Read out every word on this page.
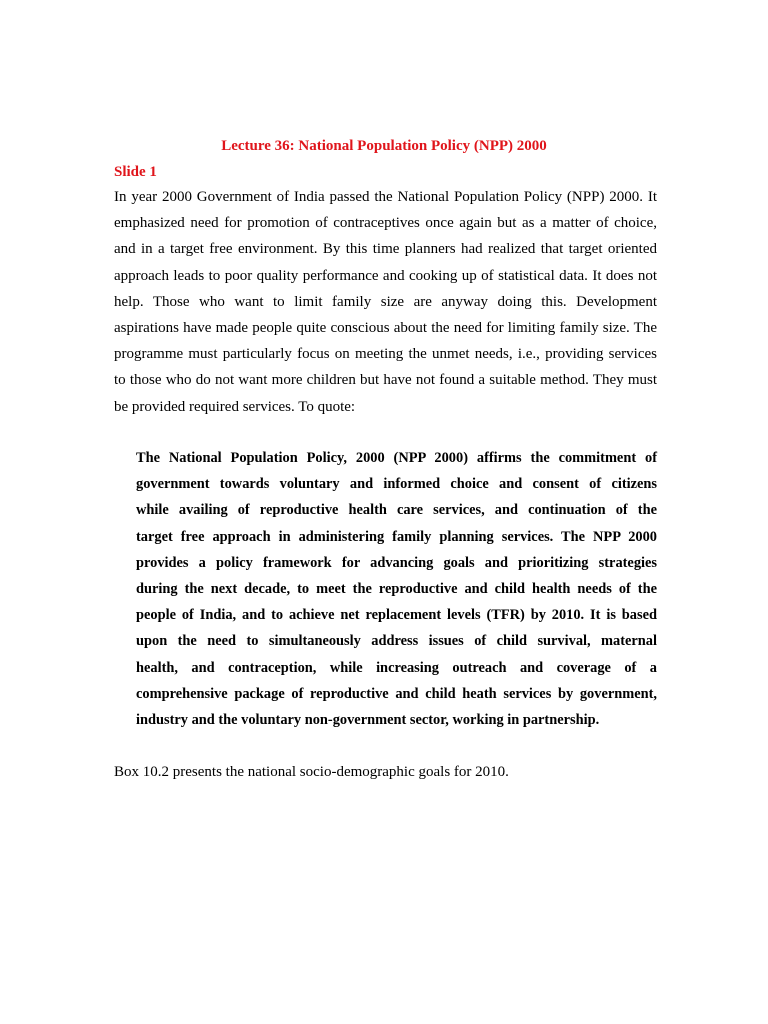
Lecture 36: National Population Policy (NPP) 2000
Slide 1
In year 2000 Government of India passed the National Population Policy (NPP) 2000. It
emphasized need for promotion of contraceptives once again but as a matter of choice,
and in a target free environment. By this time planners had realized that target oriented
approach leads to poor quality performance and cooking up of statistical data. It does not
help. Those who want to limit family size are anyway doing this. Development
aspirations have made people quite conscious about the need for limiting family size. The
programme must particularly focus on meeting the unmet needs, i.e., providing services
to those who do not want more children but have not found a suitable method. They must
be provided required services. To quote:
The National Population Policy, 2000 (NPP 2000) affirms the commitment of
government towards voluntary and informed choice and consent of citizens
while availing of reproductive health care services, and continuation of the
target free approach in administering family planning services. The NPP 2000
provides a policy framework for advancing goals and prioritizing strategies
during the next decade, to meet the reproductive and child health needs of the
people of India, and to achieve net replacement levels (TFR) by 2010. It is based
upon the need to simultaneously address issues of child survival, maternal
health, and contraception, while increasing outreach and coverage of a
comprehensive package of reproductive and child heath services by government,
industry and the voluntary non-government sector, working in partnership.

Box 10.2 presents the national socio-demographic goals for 2010.
